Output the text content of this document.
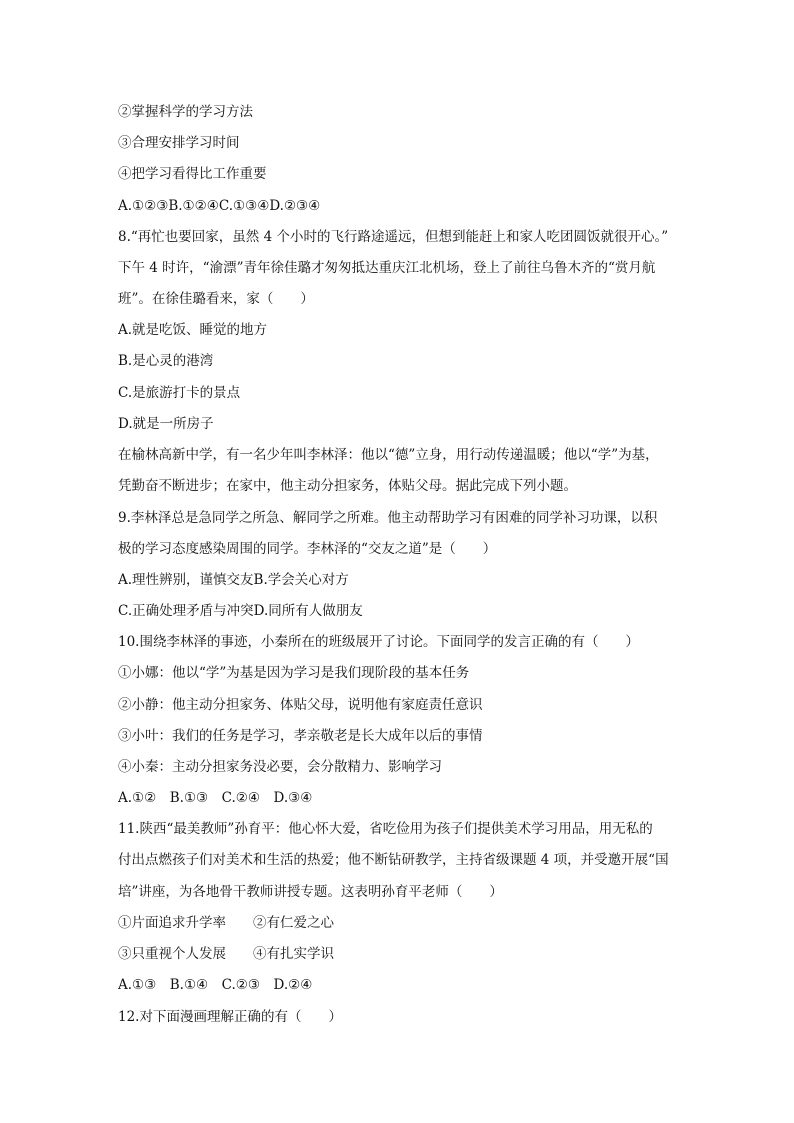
②掌握科学的学习方法
③合理安排学习时间
④把学习看得比工作重要
A.①②③B.①②④C.①③④D.②③④
8.“再忙也要回家，虽然 4 个小时的飞行路途遥远，但想到能赶上和家人吃团圆饭就很开心。”
下午 4 时许，“渝漂”青年徐佳璐才匆匆抵达重庆江北机场，登上了前往乌鲁木齐的“赏月航
班”。在徐佳璐看来，家（　　）
A.就是吃饭、睡觉的地方
B.是心灵的港湾
C.是旅游打卡的景点
D.就是一所房子
在榆林高新中学，有一名少年叫李林泽：他以“德”立身，用行动传递温暖；他以“学”为基，
凭勤奋不断进步；在家中，他主动分担家务，体贴父母。据此完成下列小题。
9.李林泽总是急同学之所急、解同学之所难。他主动帮助学习有困难的同学补习功课，以积
极的学习态度感染周围的同学。李林泽的“交友之道”是（　　）
A.理性辨别，谨慎交友B.学会关心对方
C.正确处理矛盾与冲突D.同所有人做朋友
10.围绕李林泽的事迹，小秦所在的班级展开了讨论。下面同学的发言正确的有（　　）
①小娜：他以“学”为基是因为学习是我们现阶段的基本任务
②小静：他主动分担家务、体贴父母，说明他有家庭责任意识
③小叶：我们的任务是学习，孝亲敬老是长大成年以后的事情
④小秦：主动分担家务没必要，会分散精力、影响学习
A.①②　B.①③　C.②④　D.③④
11.陕西“最美教师”孙育平：他心怀大爱，省吃俭用为孩子们提供美术学习用品，用无私的
付出点燃孩子们对美术和生活的热爱；他不断钻研教学，主持省级课题 4 项，并受邀开展“国
培”讲座，为各地骨干教师讲授专题。这表明孙育平老师（　　）
①片面追求升学率　　②有仁爱之心
③只重视个人发展　　④有扎实学识
A.①③　B.①④　C.②③　D.②④
12.对下面漫画理解正确的有（　　）
